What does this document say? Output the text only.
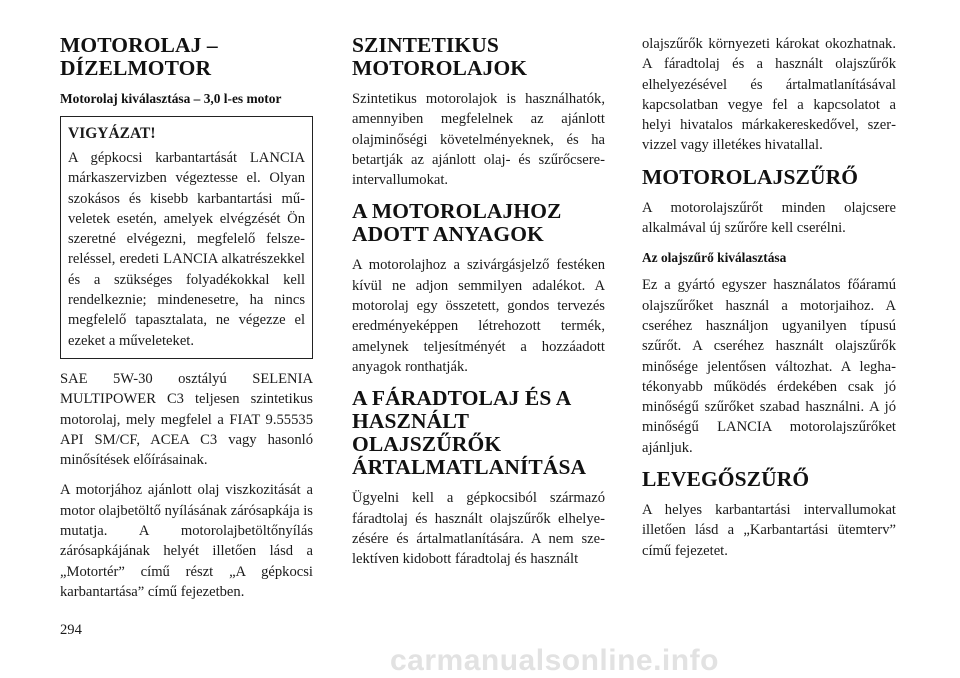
MOTOROLAJ – DÍZELMOTOR
Motorolaj kiválasztása – 3,0 l-es motor
VIGYÁZAT!

A gépkocsi karbantartását LANCIA márkaszervizben végeztesse el. Olyan szokásos és kisebb karbantartási műveletek esetén, amelyek elvégzését Ön szeretné elvégezni, megfelelő felszereléssel, eredeti LANCIA alkatrészekkel és a szükséges folyadékokkal kell rendelkeznie; mindenesetre, ha nincs megfelelő tapasztalata, ne végezze el ezeket a műveleteket.

SAE 5W-30 osztályú SELENIA MULTIPOWER C3 teljesen szintetikus motorolaj, mely megfelel a FIAT 9.55535 API SM/CF, ACEA C3 vagy hasonló minősítések előírásainak.

A motorjához ajánlott olaj viszkozitását a motor olajbetöltő nyílásának zárósapkája is mutatja. A motorolajbetöltőnyílás zárósapkájának helyét illetően lásd a „Motortér” című részt „A gépkocsi karbantartása” című fejezetben.

SZINTETIKUS MOTOROLAJOK

Szintetikus motorolajok is használhatók, amennyiben megfelelnek az ajánlott olajminőségi követelményeknek, és ha betartják az ajánlott olaj- és szűrőcsereintervallumokat.

A MOTOROLAJHOZ ADOTT ANYAGOK

A motorolajhoz a szivárgásjelző festéken kívül ne adjon semmilyen adalékot. A motorolaj egy összetett, gondos tervezés eredményeképpen létrehozott termék, amelynek teljesítményét a hozzáadott anyagok ronthatják.

A FÁRADTOLAJ ÉS A HASZNÁLT OLAJSZŰRŐK ÁRTALMATLANÍTÁSA

Ügyelni kell a gépkocsiból származó fáradtolaj és használt olajszűrők elhelyezésére és ártalmatlanítására. A nem szelektíven kidobott fáradtolaj és használt

olajszűrők környezeti károkat okozhatnak. A fáradtolaj és a használt olajszűrők elhelyezésével és ártalmatlanításával kapcsolatban vegye fel a kapcsolatot a helyi hivatalos márkakereskedővel, szervizzel vagy illetékes hivatallal.

MOTOROLAJSZŰRŐ

A motorolajszűrőt minden olajcsere alkalmával új szűrőre kell cserélni.

Az olajszűrő kiválasztása

Ez a gyártó egyszer használatos főáramú olajszűrőket használ a motorjaihoz. A cseréhez használjon ugyanilyen típusú szűrőt. A cseréhez használt olajszűrők minősége jelentősen változhat. A leghatékonyabb működés érdekében csak jó minőségű szűrőket szabad használni. A jó minőségű LANCIA motorolajszűrőket ajánljuk.

LEVEGŐSZŰRŐ

A helyes karbantartási intervallumokat illetően lásd a „Karbantartási ütemterv” című fejezetet.

294
carmanualsonline.info
